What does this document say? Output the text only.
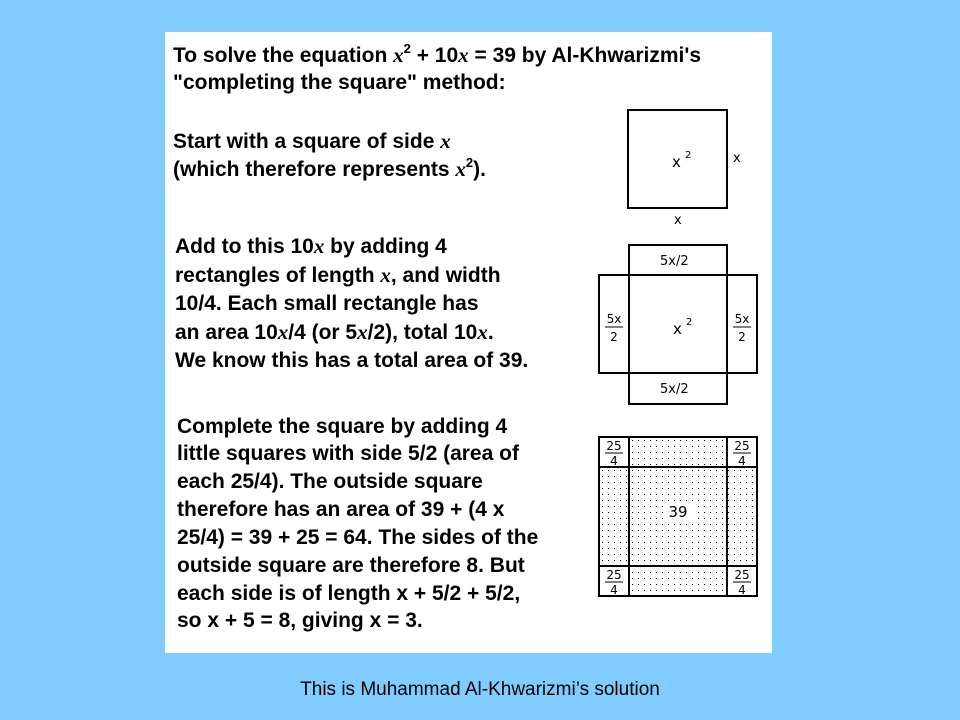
To solve the equation $x^2 + 10x = 39$ by Al-Khwarizmi's
"completing the square" method:
Start with a square of side x
(which therefore represents $x^2$).
Add to this 10x by adding 4
rectangles of length x, and width
10/4. Each small rectangle has
an area 10x/4 (or 5x/2), total 10x.
We know this has a total area of 39.
Complete the square by adding 4
little squares with side 5/2 (area of
each 25/4). The outside square
therefore has an area of 39 + (4 x
25/4) = 39 + 25 = 64. The sides of the
outside square are therefore 8. But
each side is of length x + 5/2 + 5/2,
so x + 5 = 8, giving x = 3.
x 2	x
x
x 2
5x/2
5x/2
5x
2
5x
2
39
25
4
25
4
25
4
25
4
This is Muhammad Al-Khwarizmi’s solution
